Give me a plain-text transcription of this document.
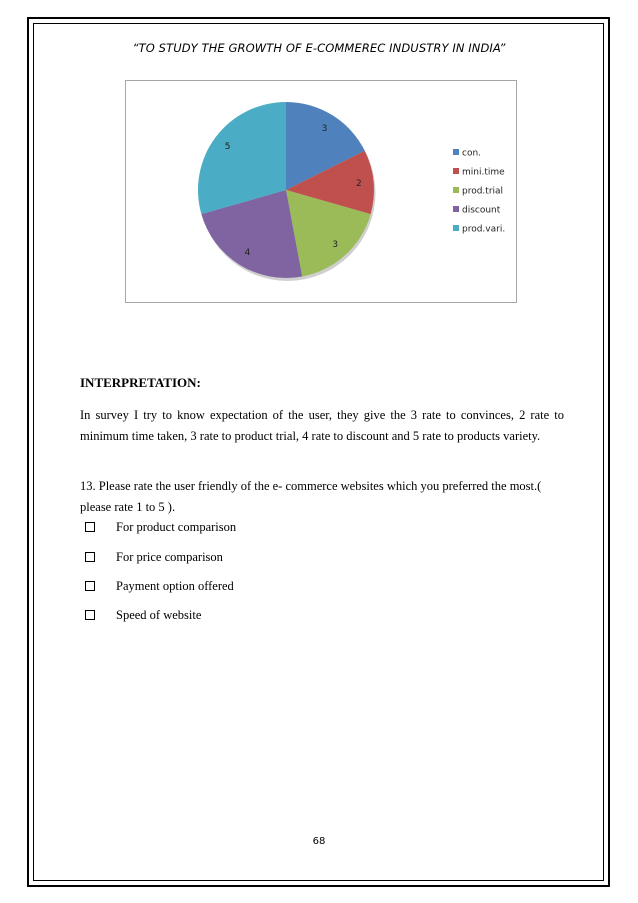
“TO STUDY THE GROWTH OF E-COMMEREC INDUSTRY IN INDIA”
3
2
3
4
5
con.
mini.time
prod.trial
discount
prod.vari.
INTERPRETATION:
In survey I try to know expectation of the user, they give the 3 rate to convinces, 2 rate to minimum time taken, 3 rate to product trial, 4 rate to discount and 5 rate to products variety.
13. Please rate the user friendly of the e- commerce websites which you preferred the most.( please rate 1 to 5 ).
For product comparison
For price comparison
Payment option offered
Speed of website
68
